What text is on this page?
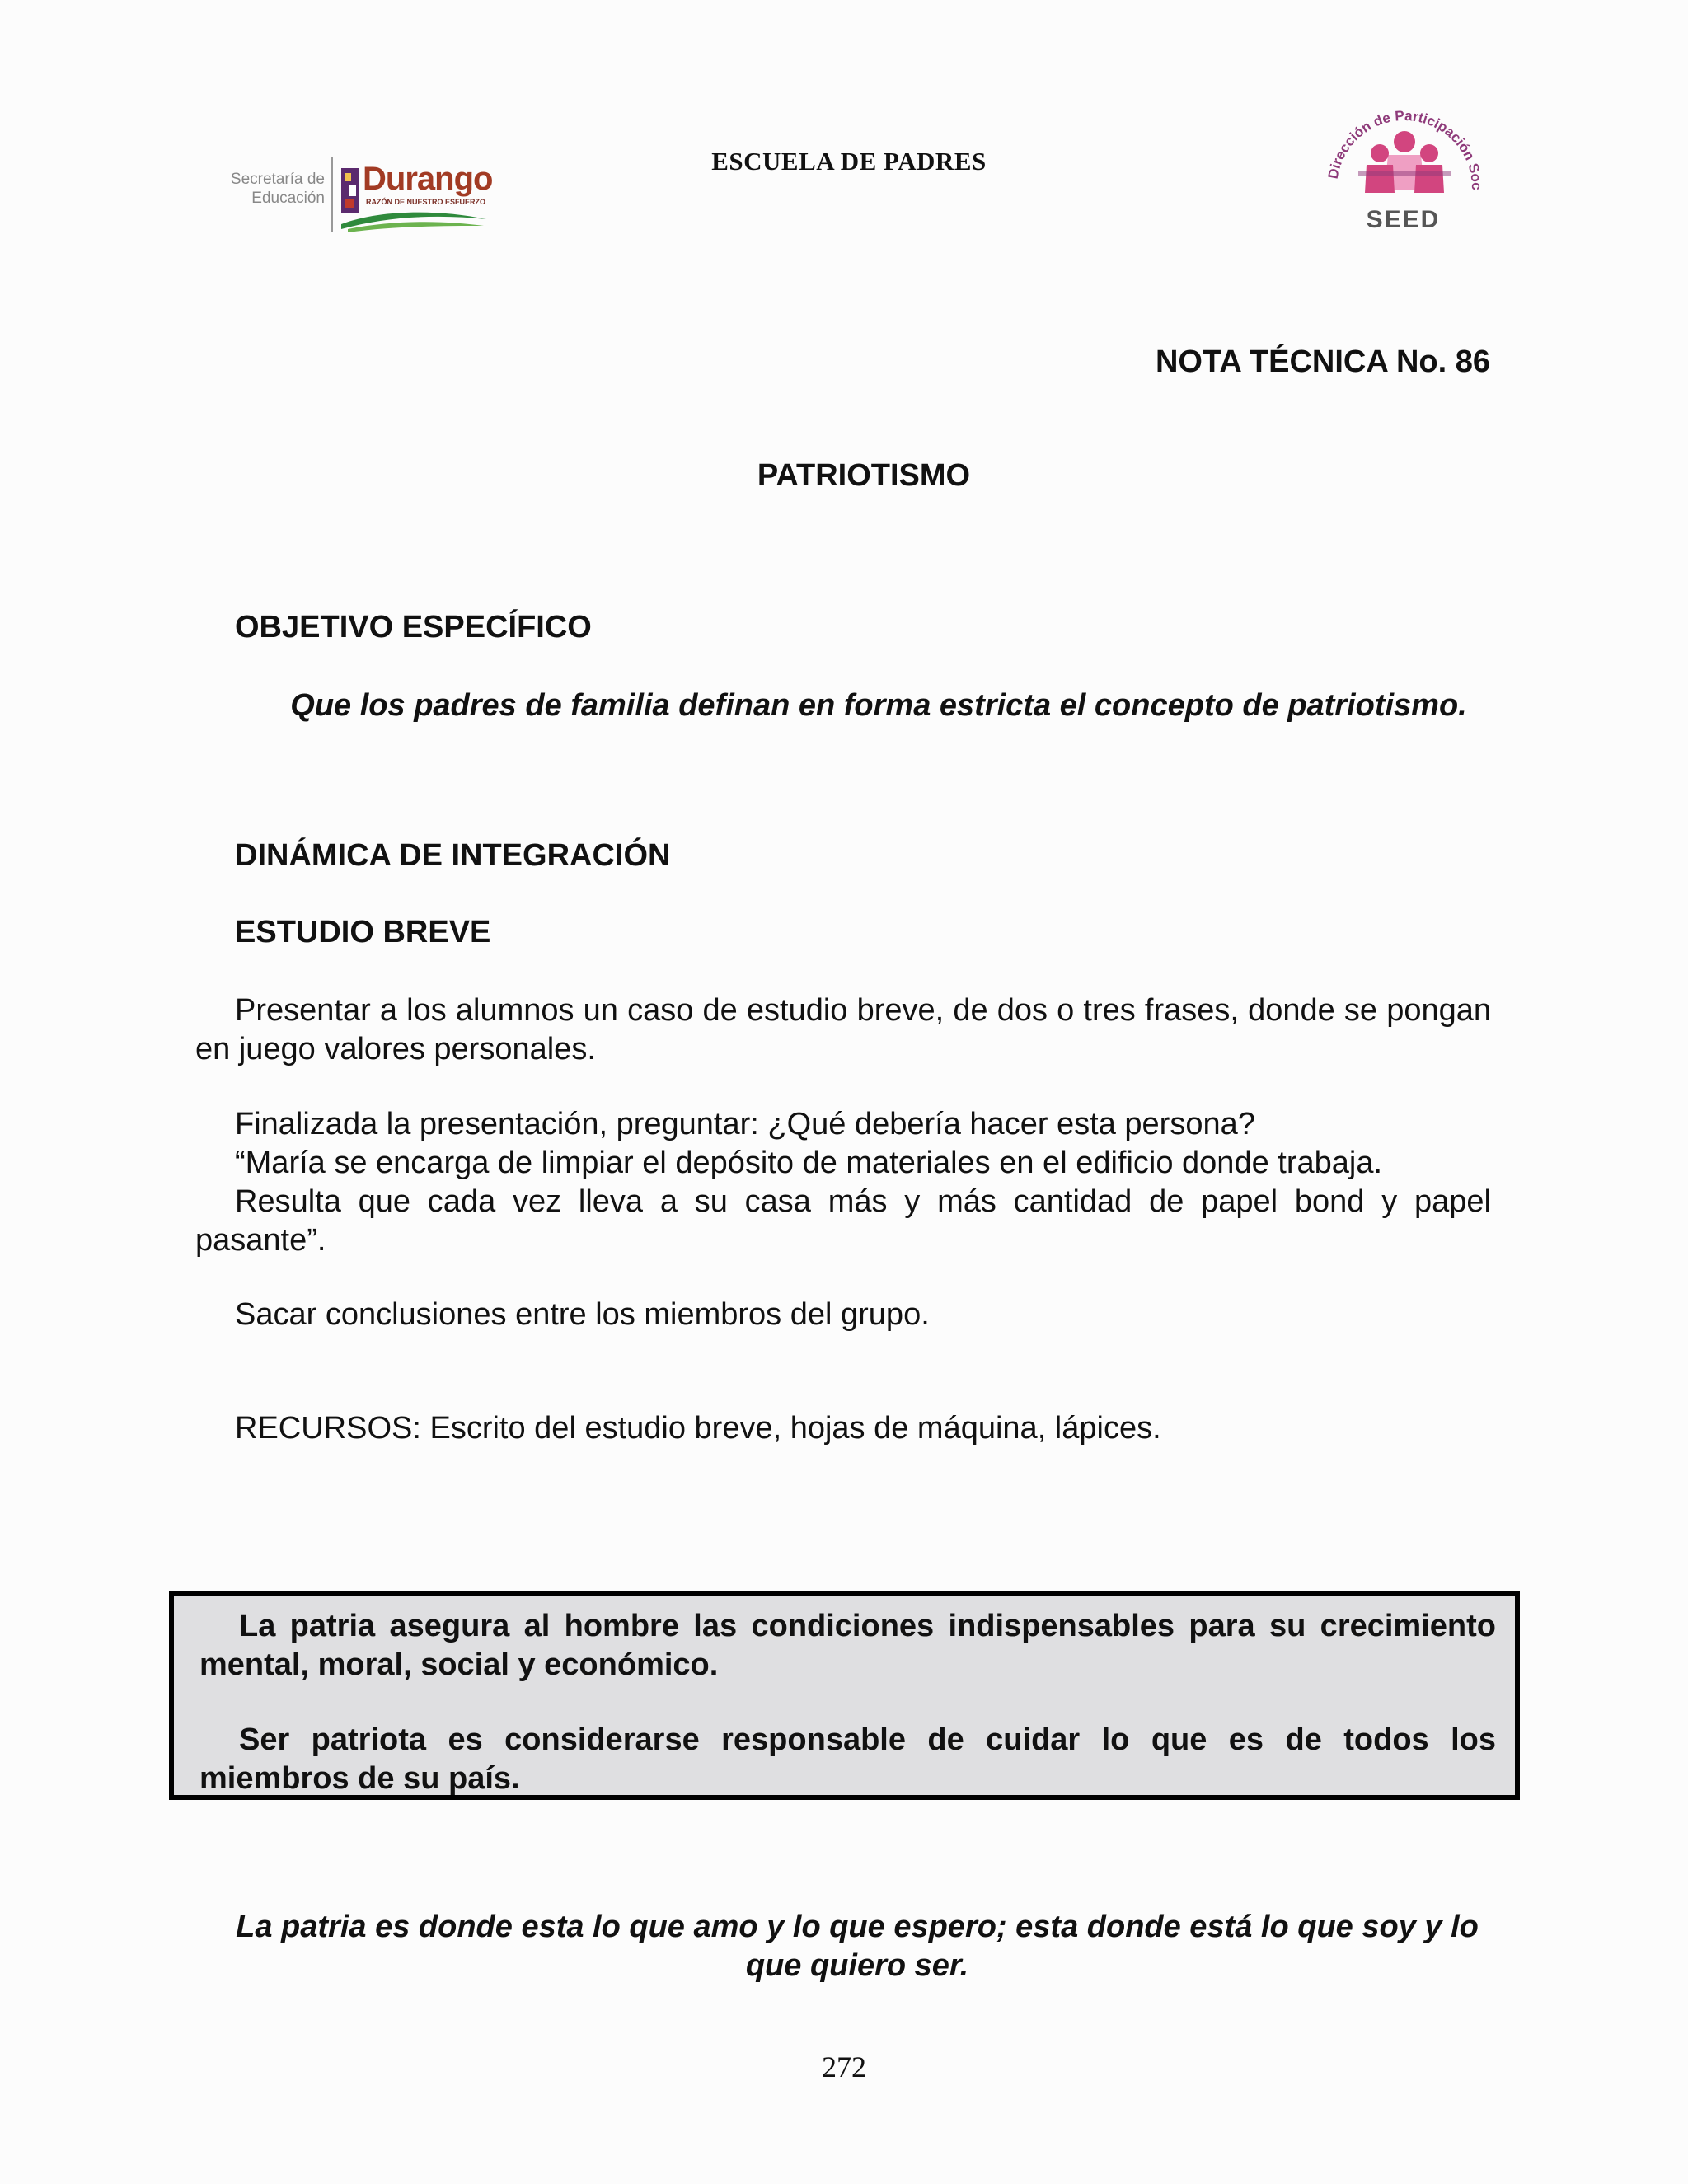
Secretaría de
Educación
Durango
RAZÓN DE NUESTRO ESFUERZO
ESCUELA DE PADRES	Dirección de Participación Soc
SEED
NOTA TÉCNICA No. 86
PATRIOTISMO
OBJETIVO ESPECÍFICO
Que los padres de familia definan en forma estricta el concepto de patriotismo.
DINÁMICA DE INTEGRACIÓN
ESTUDIO BREVE
Presentar a los alumnos un caso de estudio breve, de dos o tres frases, donde se pongan en juego valores personales.
Finalizada la presentación, preguntar: ¿Qué debería hacer esta persona?
“María se encarga de limpiar el depósito de materiales en el edificio donde trabaja.
Resulta que cada vez lleva a su casa más y más cantidad de papel bond y papel pasante”.
Sacar conclusiones entre los miembros del grupo.
RECURSOS: Escrito del estudio breve, hojas de máquina, lápices.
La patria asegura al hombre las condiciones indispensables para su crecimiento mental, moral, social y económico.
Ser patriota es considerarse responsable de cuidar lo que es de todos los miembros de su país.
La patria es donde esta lo que amo y lo que espero; esta donde está lo que soy y lo que quiero ser.
272
